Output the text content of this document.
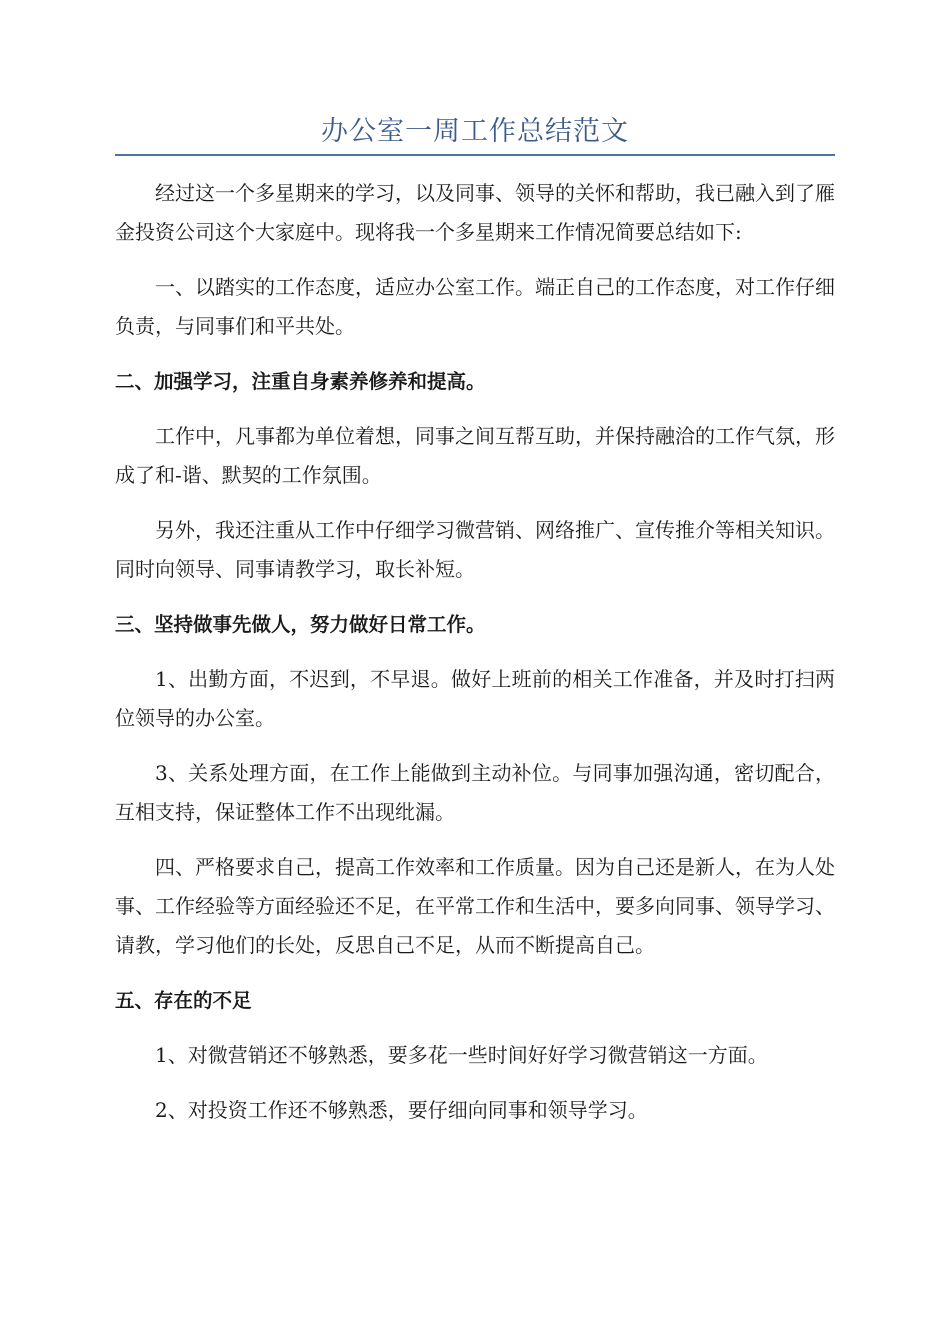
办公室一周工作总结范文

经过这一个多星期来的学习，以及同事、领导的关怀和帮助，我已融入到了雁金投资公司这个大家庭中。现将我一个多星期来工作情况简要总结如下:

一、以踏实的工作态度，适应办公室工作。端正自己的工作态度，对工作仔细负责，与同事们和平共处。

二、加强学习，注重自身素养修养和提高。

工作中，凡事都为单位着想，同事之间互帮互助，并保持融洽的工作气氛，形成了和-谐、默契的工作氛围。

另外，我还注重从工作中仔细学习微营销、网络推广、宣传推介等相关知识。同时向领导、同事请教学习，取长补短。

三、坚持做事先做人，努力做好日常工作。

1、出勤方面，不迟到，不早退。做好上班前的相关工作准备，并及时打扫两位领导的办公室。

3、关系处理方面，在工作上能做到主动补位。与同事加强沟通，密切配合，互相支持，保证整体工作不出现纰漏。

四、严格要求自己，提高工作效率和工作质量。因为自己还是新人，在为人处事、工作经验等方面经验还不足，在平常工作和生活中，要多向同事、领导学习、请教，学习他们的长处，反思自己不足，从而不断提高自己。

五、存在的不足

1、对微营销还不够熟悉，要多花一些时间好好学习微营销这一方面。

2、对投资工作还不够熟悉，要仔细向同事和领导学习。
